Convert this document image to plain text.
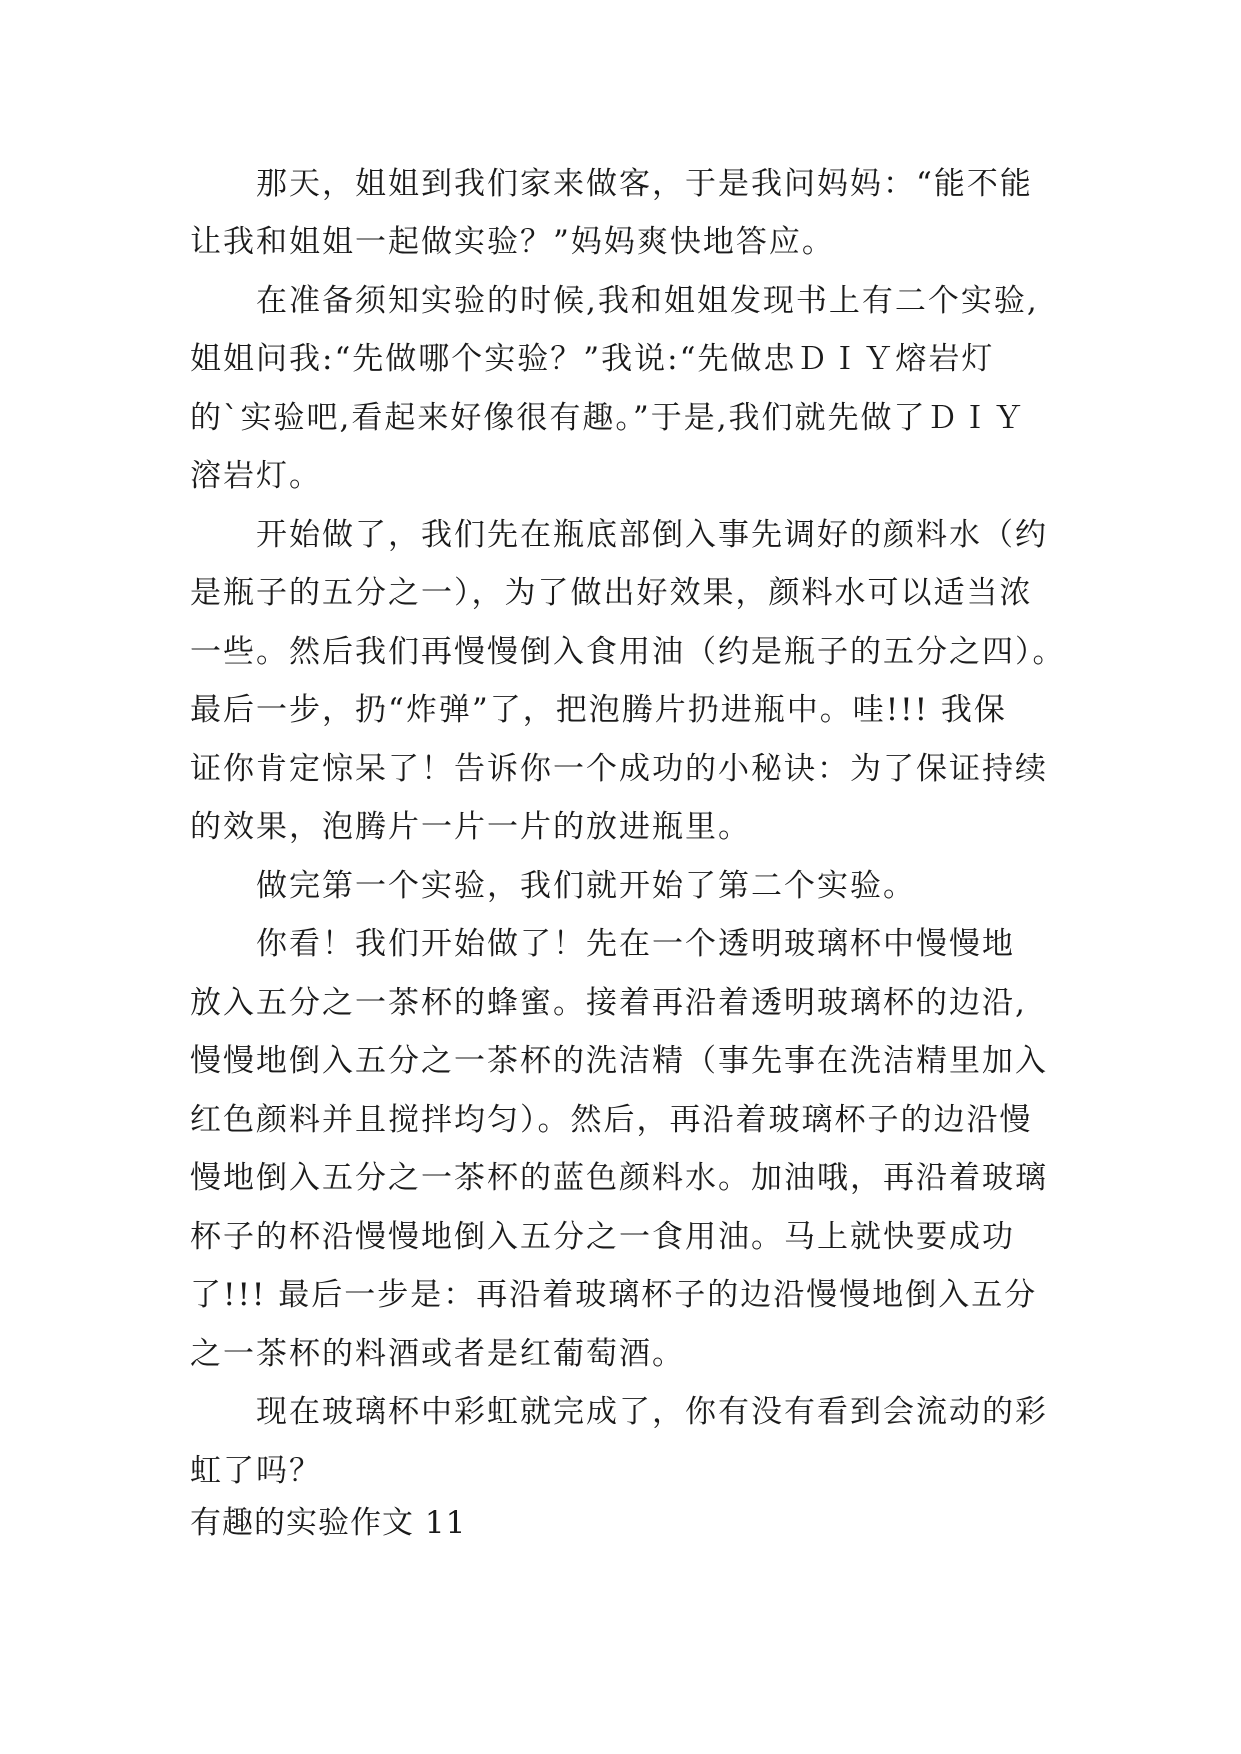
那天，姐姐到我们家来做客，于是我问妈妈：“能不能
让我和姐姐一起做实验？”妈妈爽快地答应。
在准备须知实验的时候,我和姐姐发现书上有二个实验,
姐姐问我:“先做哪个实验？”我说:“先做忠ＤＩＹ熔岩灯
的`实验吧,看起来好像很有趣。”于是,我们就先做了ＤＩＹ
溶岩灯。
开始做了，我们先在瓶底部倒入事先调好的颜料水（约
是瓶子的五分之一），为了做出好效果，颜料水可以适当浓
一些。然后我们再慢慢倒入食用油（约是瓶子的五分之四）。
最后一步，扔“炸弹”了，把泡腾片扔进瓶中。哇!!! 我保
证你肯定惊呆了！告诉你一个成功的小秘诀：为了保证持续
的效果，泡腾片一片一片的放进瓶里。
做完第一个实验，我们就开始了第二个实验。
你看！我们开始做了！先在一个透明玻璃杯中慢慢地
放入五分之一茶杯的蜂蜜。接着再沿着透明玻璃杯的边沿,
慢慢地倒入五分之一茶杯的洗洁精（事先事在洗洁精里加入
红色颜料并且搅拌均匀）。然后，再沿着玻璃杯子的边沿慢
慢地倒入五分之一茶杯的蓝色颜料水。加油哦，再沿着玻璃
杯子的杯沿慢慢地倒入五分之一食用油。马上就快要成功
了!!! 最后一步是：再沿着玻璃杯子的边沿慢慢地倒入五分
之一茶杯的料酒或者是红葡萄酒。
现在玻璃杯中彩虹就完成了，你有没有看到会流动的彩
虹了吗？
有趣的实验作文 11
